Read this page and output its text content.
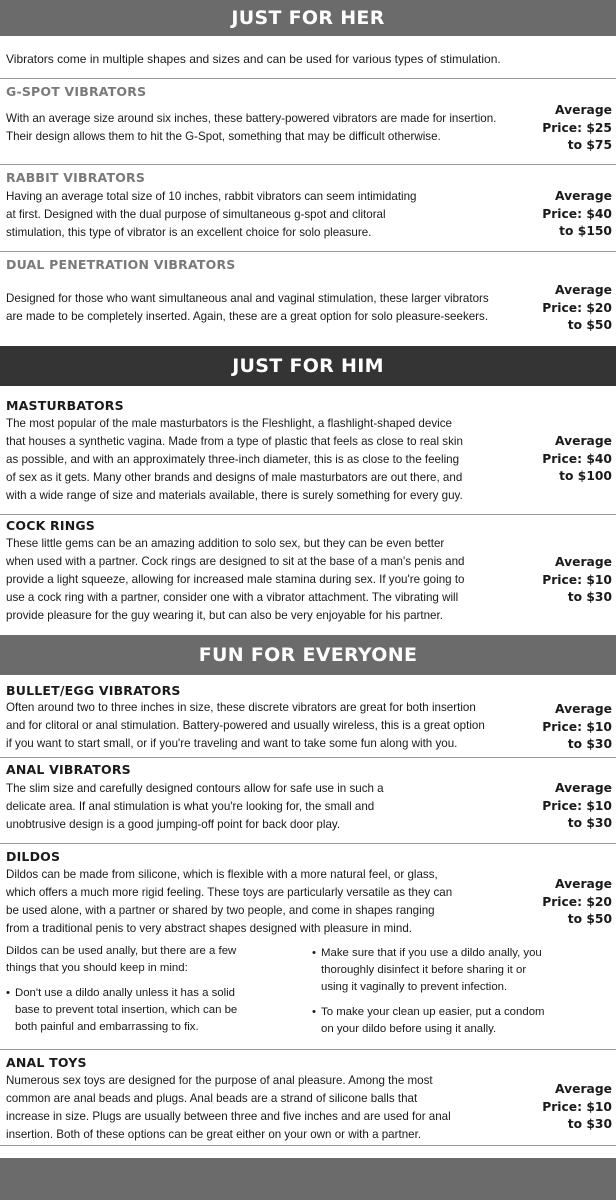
JUST FOR HER
Vibrators come in multiple shapes and sizes and can be used for various types of stimulation.
G-SPOT VIBRATORS
With an average size around six inches, these battery-powered vibrators are made for insertion.
Their design allows them to hit the G-Spot, something that may be difficult otherwise.
Average
Price: $25
to $75
RABBIT VIBRATORS
Having an average total size of 10 inches, rabbit vibrators can seem intimidating
at first. Designed with the dual purpose of simultaneous g-spot and clitoral
stimulation, this type of vibrator is an excellent choice for solo pleasure.
Average
Price: $40
to $150
DUAL PENETRATION VIBRATORS
Designed for those who want simultaneous anal and vaginal stimulation, these larger vibrators
are made to be completely inserted. Again, these are a great option for solo pleasure-seekers.
Average
Price: $20
to $50
JUST FOR HIM
MASTURBATORS
The most popular of the male masturbators is the Fleshlight, a flashlight-shaped device
that houses a synthetic vagina. Made from a type of plastic that feels as close to real skin
as possible, and with an approximately three-inch diameter, this is as close to the feeling
of sex as it gets. Many other brands and designs of male masturbators are out there, and
with a wide range of size and materials available, there is surely something for every guy.
Average
Price: $40
to $100
COCK RINGS
These little gems can be an amazing addition to solo sex, but they can be even better
when used with a partner. Cock rings are designed to sit at the base of a man's penis and
provide a light squeeze, allowing for increased male stamina during sex. If you're going to
use a cock ring with a partner, consider one with a vibrator attachment. The vibrating will
provide pleasure for the guy wearing it, but can also be very enjoyable for his partner.
Average
Price: $10
to $30
FUN FOR EVERYONE
BULLET/EGG VIBRATORS
Often around two to three inches in size, these discrete vibrators are great for both insertion
and for clitoral or anal stimulation. Battery-powered and usually wireless, this is a great option
if you want to start small, or if you're traveling and want to take some fun along with you.
Average
Price: $10
to $30
ANAL VIBRATORS
The slim size and carefully designed contours allow for safe use in such a
delicate area. If anal stimulation is what you're looking for, the small and
unobtrusive design is a good jumping-off point for back door play.
Average
Price: $10
to $30
DILDOS
Dildos can be made from silicone, which is flexible with a more natural feel, or glass,
which offers a much more rigid feeling. These toys are particularly versatile as they can
be used alone, with a partner or shared by two people, and come in shapes ranging
from a traditional penis to very abstract shapes designed with pleasure in mind.
Average
Price: $20
to $50
Dildos can be used anally, but there are a few
things that you should keep in mind:
• Don't use a dildo anally unless it has a solid
base to prevent total insertion, which can be
both painful and embarrassing to fix.
• Make sure that if you use a dildo anally, you
thoroughly disinfect it before sharing it or
using it vaginally to prevent infection.
• To make your clean up easier, put a condom
on your dildo before using it anally.
ANAL TOYS
Numerous sex toys are designed for the purpose of anal pleasure. Among the most
common are anal beads and plugs. Anal beads are a strand of silicone balls that
increase in size. Plugs are usually between three and five inches and are used for anal
insertion. Both of these options can be great either on your own or with a partner.
Average
Price: $10
to $30
